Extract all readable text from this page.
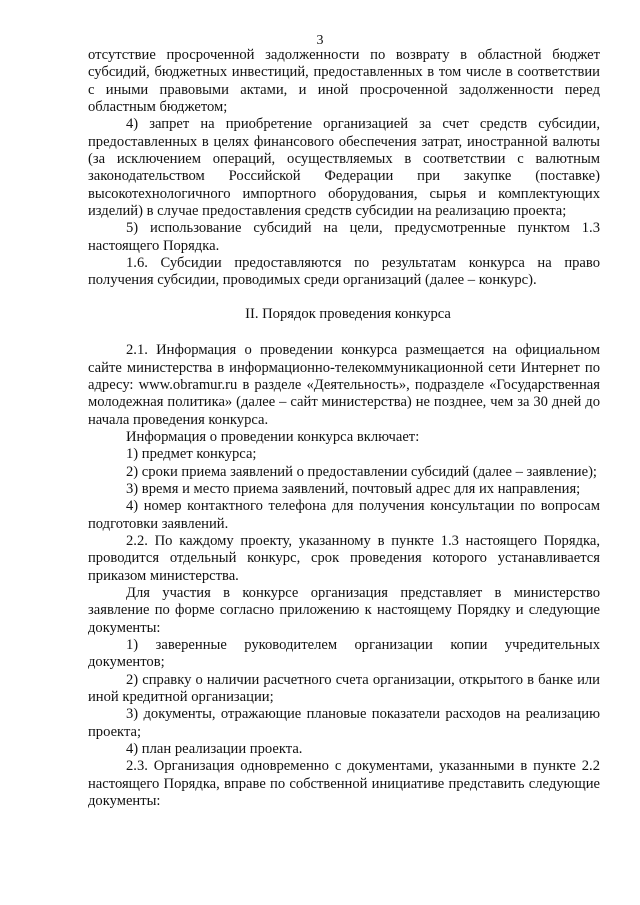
3

отсутствие просроченной задолженности по возврату в областной бюджет субсидий, бюджетных инвестиций, предоставленных в том числе в соответствии с иными правовыми актами, и иной просроченной задолженности перед областным бюджетом;

4) запрет на приобретение организацией за счет средств субсидии, предоставленных в целях финансового обеспечения затрат, иностранной валюты (за исключением операций, осуществляемых в соответствии с валютным законодательством Российской Федерации при закупке (поставке) высокотехнологичного импортного оборудования, сырья и комплектующих изделий) в случае предоставления средств субсидии на реализацию проекта;

5) использование субсидий на цели, предусмотренные пунктом 1.3 настоящего Порядка.

1.6. Субсидии предоставляются по результатам конкурса на право получения субсидии, проводимых среди организаций (далее – конкурс).

II. Порядок проведения конкурса

2.1. Информация о проведении конкурса размещается на официальном сайте министерства в информационно-телекоммуникационной сети Интернет по адресу: www.obramur.ru в разделе «Деятельность», подразделе «Государственная молодежная политика» (далее – сайт министерства) не позднее, чем за 30 дней до начала проведения конкурса.

Информация о проведении конкурса включает:

1) предмет конкурса;

2) сроки приема заявлений о предоставлении субсидий (далее – заявление);

3) время и место приема заявлений, почтовый адрес для их направления;

4) номер контактного телефона для получения консультации по вопросам подготовки заявлений.

2.2. По каждому проекту, указанному в пункте 1.3 настоящего Порядка, проводится отдельный конкурс, срок проведения которого устанавливается приказом министерства.

Для участия в конкурсе организация представляет в министерство заявление по форме согласно приложению к настоящему Порядку и следующие документы:

1) заверенные руководителем организации копии учредительных документов;

2) справку о наличии расчетного счета организации, открытого в банке или иной кредитной организации;

3) документы, отражающие плановые показатели расходов на реализацию проекта;

4) план реализации проекта.

2.3. Организация одновременно с документами, указанными в пункте 2.2 настоящего Порядка, вправе по собственной инициативе представить следующие документы:
